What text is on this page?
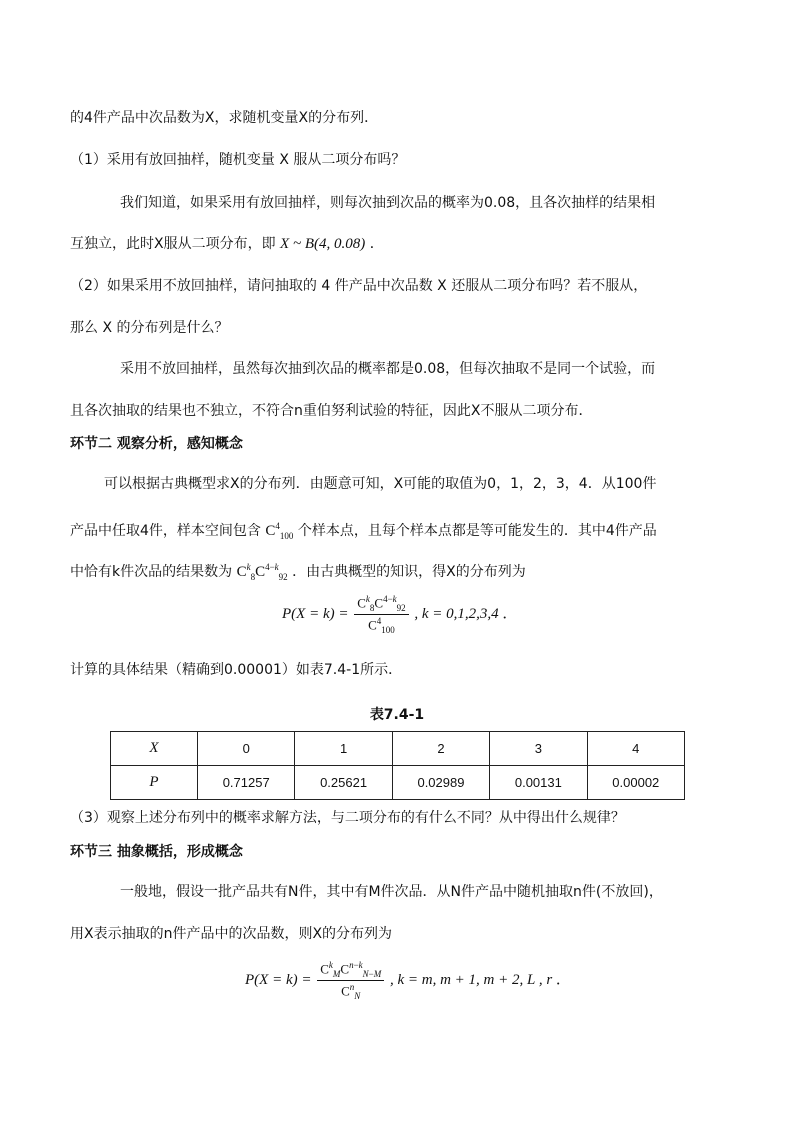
的4件产品中次品数为X，求随机变量X的分布列．
（1）采用有放回抽样，随机变量 X 服从二项分布吗？
我们知道，如果采用有放回抽样，则每次抽到次品的概率为0.08，且各次抽样的结果相
互独立，此时X服从二项分布，即 X ~ B(4, 0.08) ．
（2）如果采用不放回抽样，请问抽取的 4 件产品中次品数 X 还服从二项分布吗？若不服从，
那么 X 的分布列是什么？
采用不放回抽样，虽然每次抽到次品的概率都是0.08，但每次抽取不是同一个试验，而
且各次抽取的结果也不独立，不符合n重伯努利试验的特征，因此X不服从二项分布．
环节二 观察分析，感知概念
可以根据古典概型求X的分布列．由题意可知，X可能的取值为0，1，2，3，4．从100件
产品中任取4件，样本空间包含 $C^4_{100}$ 个样本点，且每个样本点都是等可能发生的．其中4件产品
中恰有k件次品的结果数为 $C^k_8C^{4-k}_{92}$ ．由古典概型的知识，得X的分布列为
$P(X = k) = \frac{C^k_8C^{4-k}_{92}}{C^4_{100}}$ , k = 0,1,2,3,4 ．
计算的具体结果（精确到0.00001）如表7.4-1所示．
表7.4-1
X	0	1	2	3	4
P	0.71257	0.25621	0.02989	0.00131	0.00002
（3）观察上述分布列中的概率求解方法，与二项分布的有什么不同？从中得出什么规律？
环节三 抽象概括，形成概念
一般地，假设一批产品共有N件，其中有M件次品．从N件产品中随机抽取n件(不放回)，
用X表示抽取的n件产品中的次品数，则X的分布列为
$P(X = k) = \frac{C^k_MC^{n-k}_{N-M}}{C^n_N}$ , k = m, m + 1, m + 2, L , r ．
